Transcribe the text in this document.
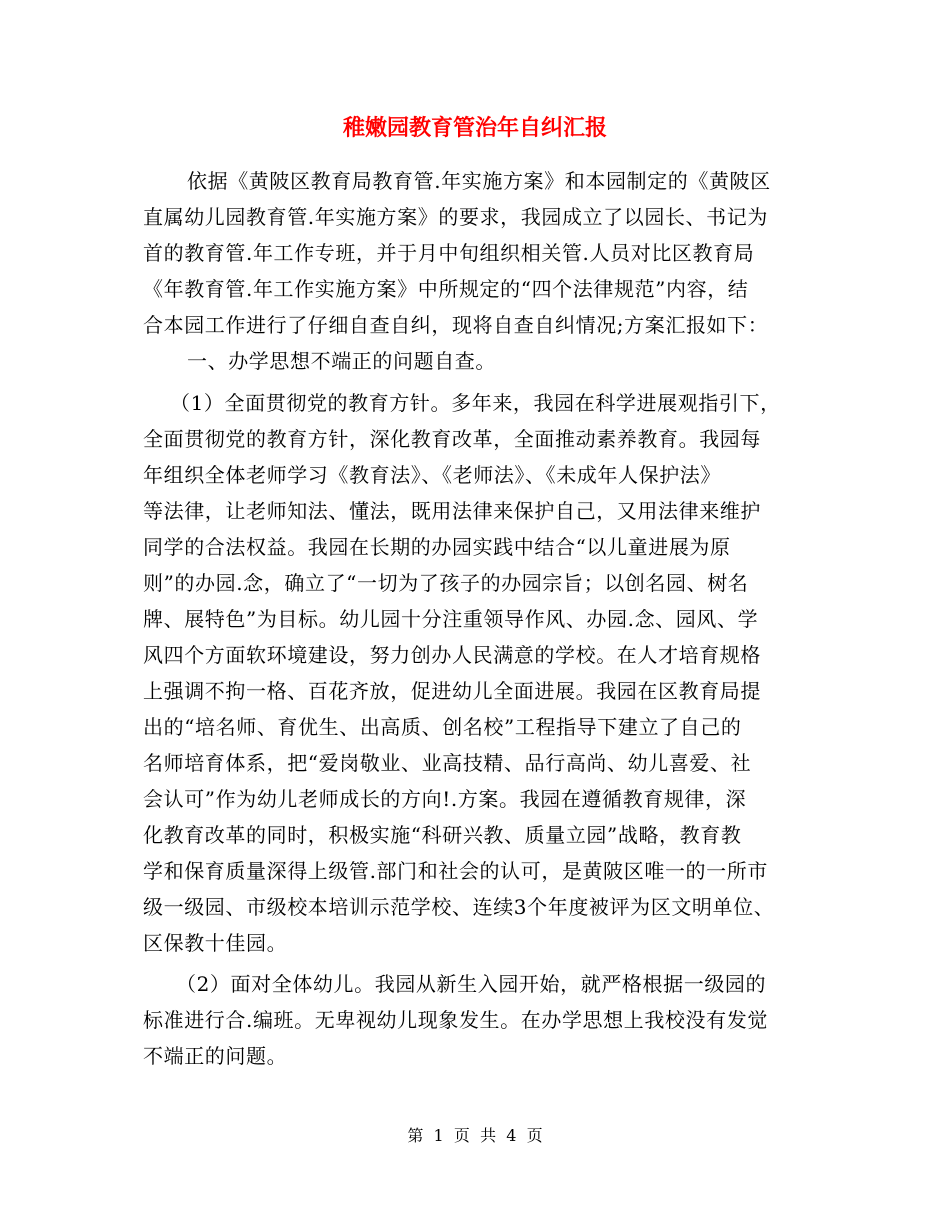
稚嫩园教育管治年自纠汇报
依据《黄陂区教育局教育管.年实施方案》和本园制定的《黄陂区
直属幼儿园教育管.年实施方案》的要求，我园成立了以园长、书记为
首的教育管.年工作专班，并于月中旬组织相关管.人员对比区教育局
《年教育管.年工作实施方案》中所规定的“四个法律规范”内容，结
合本园工作进行了仔细自查自纠，现将自查自纠情况;方案汇报如下：
一、办学思想不端正的问题自查。
（1）全面贯彻党的教育方针。多年来，我园在科学进展观指引下，
全面贯彻党的教育方针，深化教育改革，全面推动素养教育。我园每
年组织全体老师学习《教育法》、《老师法》、《未成年人保护法》
等法律，让老师知法、懂法，既用法律来保护自己，又用法律来维护
同学的合法权益。我园在长期的办园实践中结合“以儿童进展为原
则”的办园.念，确立了“一切为了孩子的办园宗旨；以创名园、树名
牌、展特色”为目标。幼儿园十分注重领导作风、办园.念、园风、学
风四个方面软环境建设，努力创办人民满意的学校。在人才培育规格
上强调不拘一格、百花齐放，促进幼儿全面进展。我园在区教育局提
出的“培名师、育优生、出高质、创名校”工程指导下建立了自己的
名师培育体系，把“爱岗敬业、业高技精、品行高尚、幼儿喜爱、社
会认可”作为幼儿老师成长的方向!.方案。我园在遵循教育规律，深
化教育改革的同时，积极实施“科研兴教、质量立园”战略，教育教
学和保育质量深得上级管.部门和社会的认可，是黄陂区唯一的一所市
级一级园、市级校本培训示范学校、连续3个年度被评为区文明单位、
区保教十佳园。
（2）面对全体幼儿。我园从新生入园开始，就严格根据一级园的
标准进行合.编班。无卑视幼儿现象发生。在办学思想上我校没有发觉
不端正的问题。
第  1  页  共  4  页
